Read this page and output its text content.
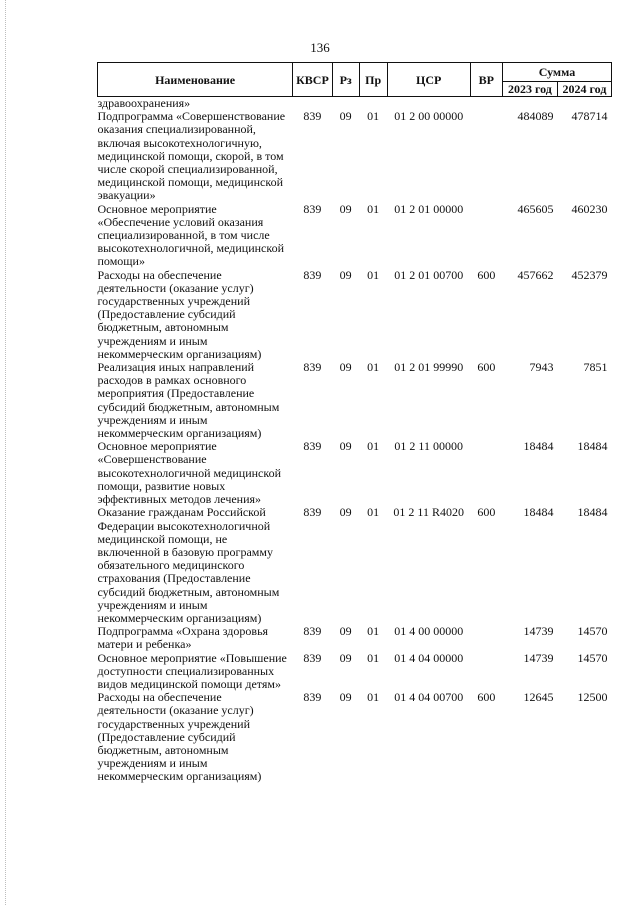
136
Наименование	КВСР	Рз	Пр	ЦСР	ВР	Сумма	
						2023 год	2024 год
здравоохранения»							
Подпрограмма «Совершенствование оказания специализированной, включая высокотехнологичную, медицинской помощи, скорой, в том числе скорой специализированной, медицинской помощи, медицинской эвакуации»	839	09	01	01 2 00 00000		484089	478714
Основное мероприятие «Обеспечение условий оказания специализированной, в том числе высокотехнологичной, медицинской помощи»	839	09	01	01 2 01 00000		465605	460230
Расходы на обеспечение деятельности (оказание услуг) государственных учреждений (Предоставление субсидий бюджетным, автономным учреждениям и иным некоммерческим организациям)	839	09	01	01 2 01 00700	600	457662	452379
Реализация иных направлений расходов в рамках основного мероприятия (Предоставление субсидий бюджетным, автономным учреждениям и иным некоммерческим организациям)	839	09	01	01 2 01 99990	600	7943	7851
Основное мероприятие «Совершенствование высокотехнологичной медицинской помощи, развитие новых эффективных методов лечения»	839	09	01	01 2 11 00000		18484	18484
Оказание гражданам Российской Федерации высокотехнологичной медицинской помощи, не включенной в базовую программу обязательного медицинского страхования (Предоставление субсидий бюджетным, автономным учреждениям и иным некоммерческим организациям)	839	09	01	01 2 11 R4020	600	18484	18484
Подпрограмма «Охрана здоровья матери и ребенка»	839	09	01	01 4 00 00000		14739	14570
Основное мероприятие «Повышение доступности специализированных видов медицинской помощи детям»	839	09	01	01 4 04 00000		14739	14570
Расходы на обеспечение деятельности (оказание услуг) государственных учреждений (Предоставление субсидий бюджетным, автономным учреждениям и иным некоммерческим организациям)	839	09	01	01 4 04 00700	600	12645	12500
